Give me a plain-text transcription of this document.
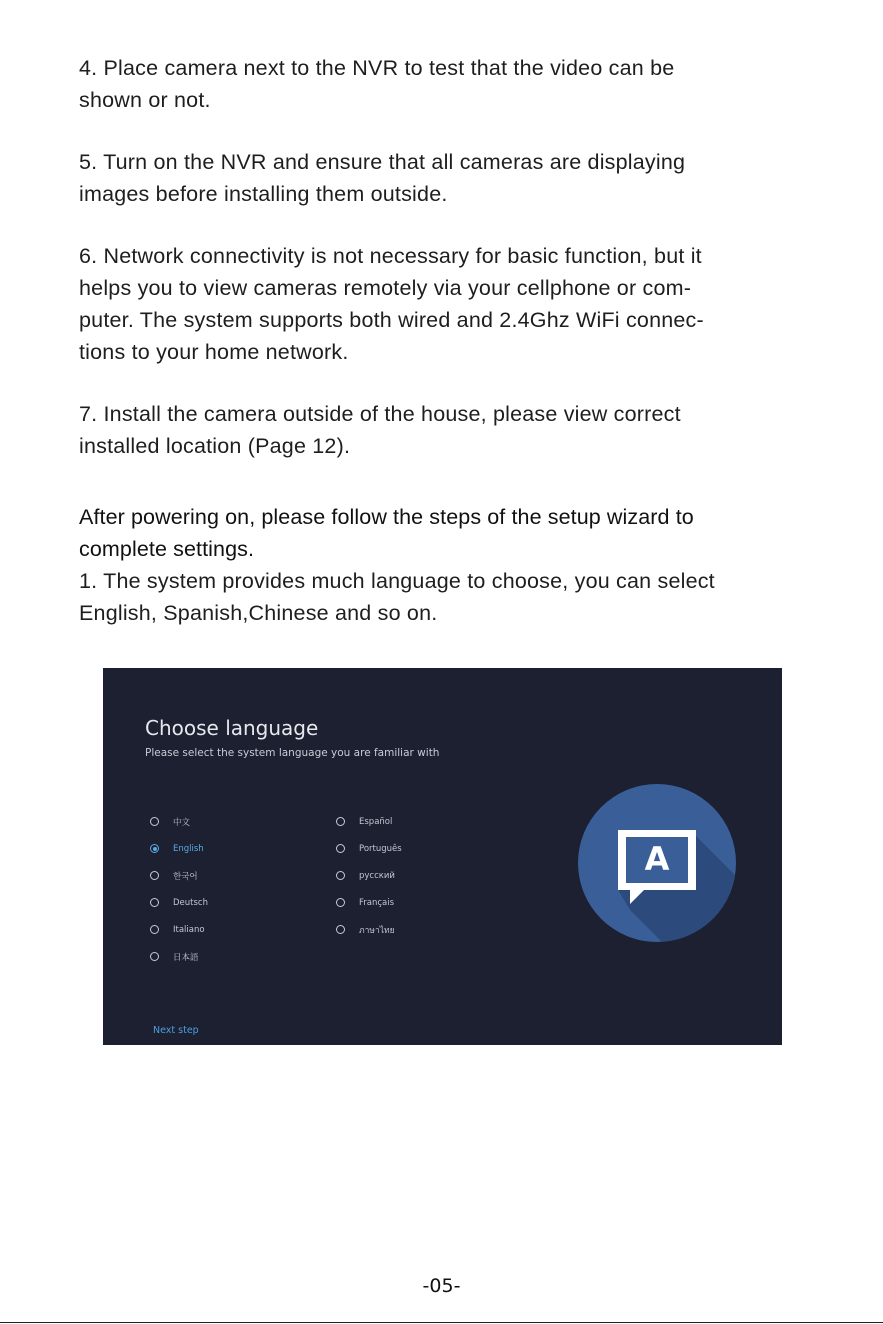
4. Place camera next to the NVR to test that the video can be
shown or not.
5. Turn on the NVR and ensure that all cameras are displaying
images before installing them outside.
6. Network connectivity is not necessary for basic function, but it
helps you to view cameras remotely via your cellphone or com-
puter. The system supports both wired and 2.4Ghz WiFi connec-
tions to your home network.
7. Install the camera outside of the house, please view correct
installed location (Page 12).
After powering on, please follow the steps of the setup wizard to
complete settings.
1. The system provides much language to choose, you can select
English, Spanish,Chinese and so on.
Choose language
Please select the system language you are familiar with
中文
English
한국어
Deutsch
Italiano
日本語
Español
Português
русский
Français
ภาษาไทย
A
Next step
-05-
